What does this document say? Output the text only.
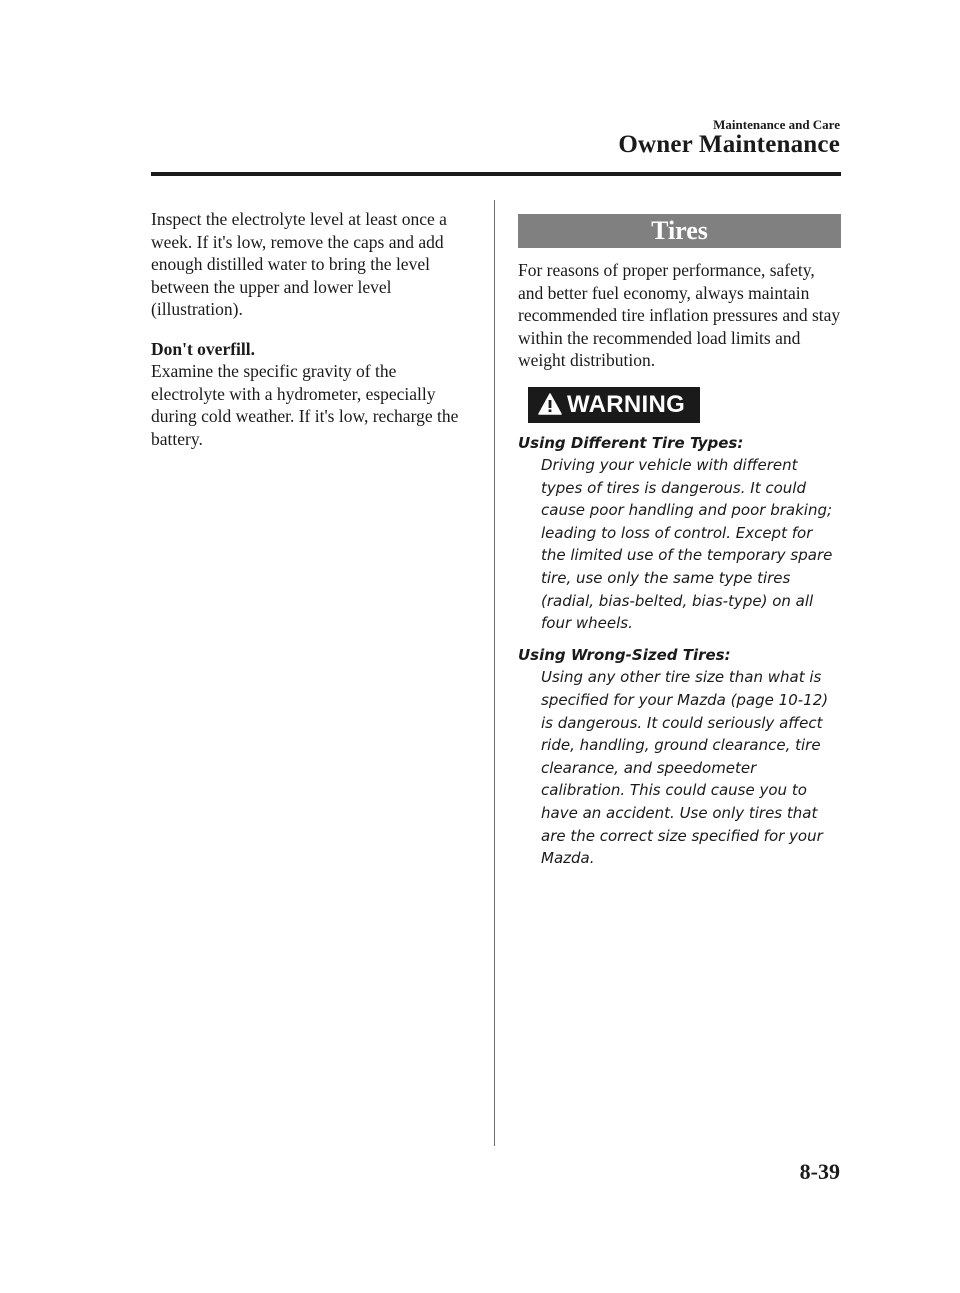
Maintenance and Care
Owner Maintenance

Inspect the electrolyte level at least once a week. If it's low, remove the caps and add enough distilled water to bring the level between the upper and lower level (illustration).

Don't overfill.

Examine the specific gravity of the electrolyte with a hydrometer, especially during cold weather. If it's low, recharge the battery.

Tires

For reasons of proper performance, safety, and better fuel economy, always maintain recommended tire inflation pressures and stay within the recommended load limits and weight distribution.

WARNING
Using Different Tire Types:
Driving your vehicle with different types of tires is dangerous. It could cause poor handling and poor braking; leading to loss of control. Except for the limited use of the temporary spare tire, use only the same type tires (radial, bias-belted, bias-type) on all four wheels.
Using Wrong-Sized Tires:
Using any other tire size than what is specified for your Mazda (page 10-12) is dangerous. It could seriously affect ride, handling, ground clearance, tire clearance, and speedometer calibration. This could cause you to have an accident. Use only tires that are the correct size specified for your Mazda.
8-39
